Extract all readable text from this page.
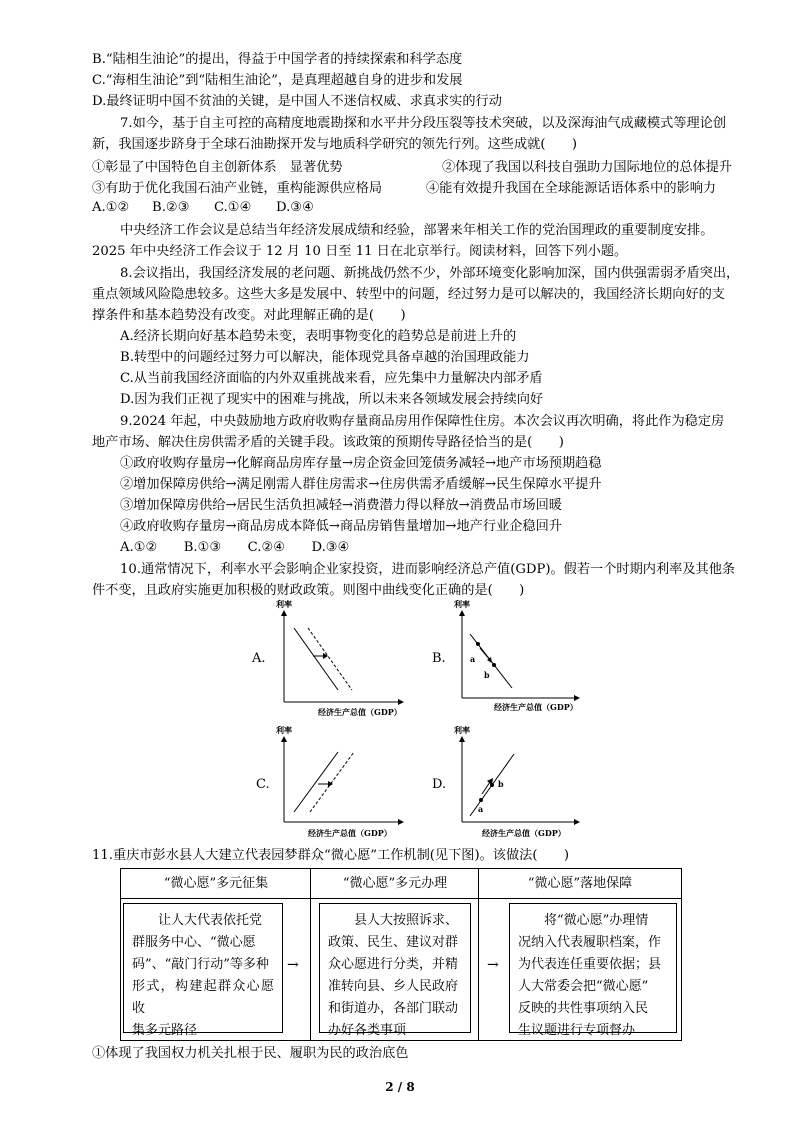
B.“陆相生油论”的提出，得益于中国学者的持续探索和科学态度
C.“海相生油论”到“陆相生油论”，是真理超越自身的进步和发展
D.最终证明中国不贫油的关键，是中国人不迷信权威、求真求实的行动
7.如今，基于自主可控的高精度地震勘探和水平井分段压裂等技术突破，以及深海油气成藏模式等理论创
新，我国逐步跻身于全球石油勘探开发与地质科学研究的领先行列。这些成就(　　)
①彰显了中国特色自主创新体系　显著优势	②体现了我国以科技自强助力国际地位的总体提升
③有助于优化我国石油产业链，重构能源供应格局	④能有效提升我国在全球能源话语体系中的影响力
A.①② B.②③ C.①④ D.③④
中央经济工作会议是总结当年经济发展成绩和经验，部署来年相关工作的党治国理政的重要制度安排。
2025 年中央经济工作会议于 12 月 10 日至 11 日在北京举行。阅读材料，回答下列小题。
8.会议指出，我国经济发展的老问题、新挑战仍然不少，外部环境变化影响加深，国内供强需弱矛盾突出，
重点领域风险隐患较多。这些大多是发展中、转型中的问题，经过努力是可以解决的，我国经济长期向好的支
撑条件和基本趋势没有改变。对此理解正确的是(　　)
A.经济长期向好基本趋势未变，表明事物变化的趋势总是前进上升的
B.转型中的问题经过努力可以解决，能体现党具备卓越的治国理政能力
C.从当前我国经济面临的内外双重挑战来看，应先集中力量解决内部矛盾
D.因为我们正视了现实中的困难与挑战，所以未来各领域发展会持续向好
9.2024 年起，中央鼓励地方政府收购存量商品房用作保障性住房。本次会议再次明确，将此作为稳定房
地产市场、解决住房供需矛盾的关键手段。该政策的预期传导路径恰当的是(　　)
①政府收购存量房→化解商品房库存量→房企资金回笼债务减轻→地产市场预期趋稳
②增加保障房供给→满足刚需人群住房需求→住房供需矛盾缓解→民生保障水平提升
③增加保障房供给→居民生活负担减轻→消费潜力得以释放→消费品市场回暖
④政府收购存量房→商品房成本降低→商品房销售量增加→地产行业企稳回升
A.①②　　B.①③　　C.②④　　D.③④
10.通常情况下，利率水平会影响企业家投资，进而影响经济总产值(GDP)。假若一个时期内利率及其他条
件不变，且政府实施更加积极的财政政策。则图中曲线变化正确的是(　　)
A.
利率
经济生产总值（GDP）
B.
利率
a
b
经济生产总值（GDP）
C.
利率
经济生产总值（GDP）
D.
利率
a
b
经济生产总值（GDP）
11.重庆市彭水县人大建立代表园梦群众“微心愿”工作机制(见下图)。该做法(　　)
“微心愿”多元征集	“微心愿”多元办理	“微心愿”落地保障
让人大代表依托党
群服务中心、“微心愿
码”、“敲门行动”等多种
形式，构建起群众心愿收
集多元路径
→
县人大按照诉求、
政策、民生、建议对群
众心愿进行分类，并精
准转向县、乡人民政府
和街道办，各部门联动
办好各类事项
→
将“微心愿”办理情
况纳入代表履职档案，作
为代表连任重要依据；县
人大常委会把“微心愿”
反映的共性事项纳入民
生议题进行专项督办
①体现了我国权力机关扎根于民、履职为民的政治底色
2 / 8
